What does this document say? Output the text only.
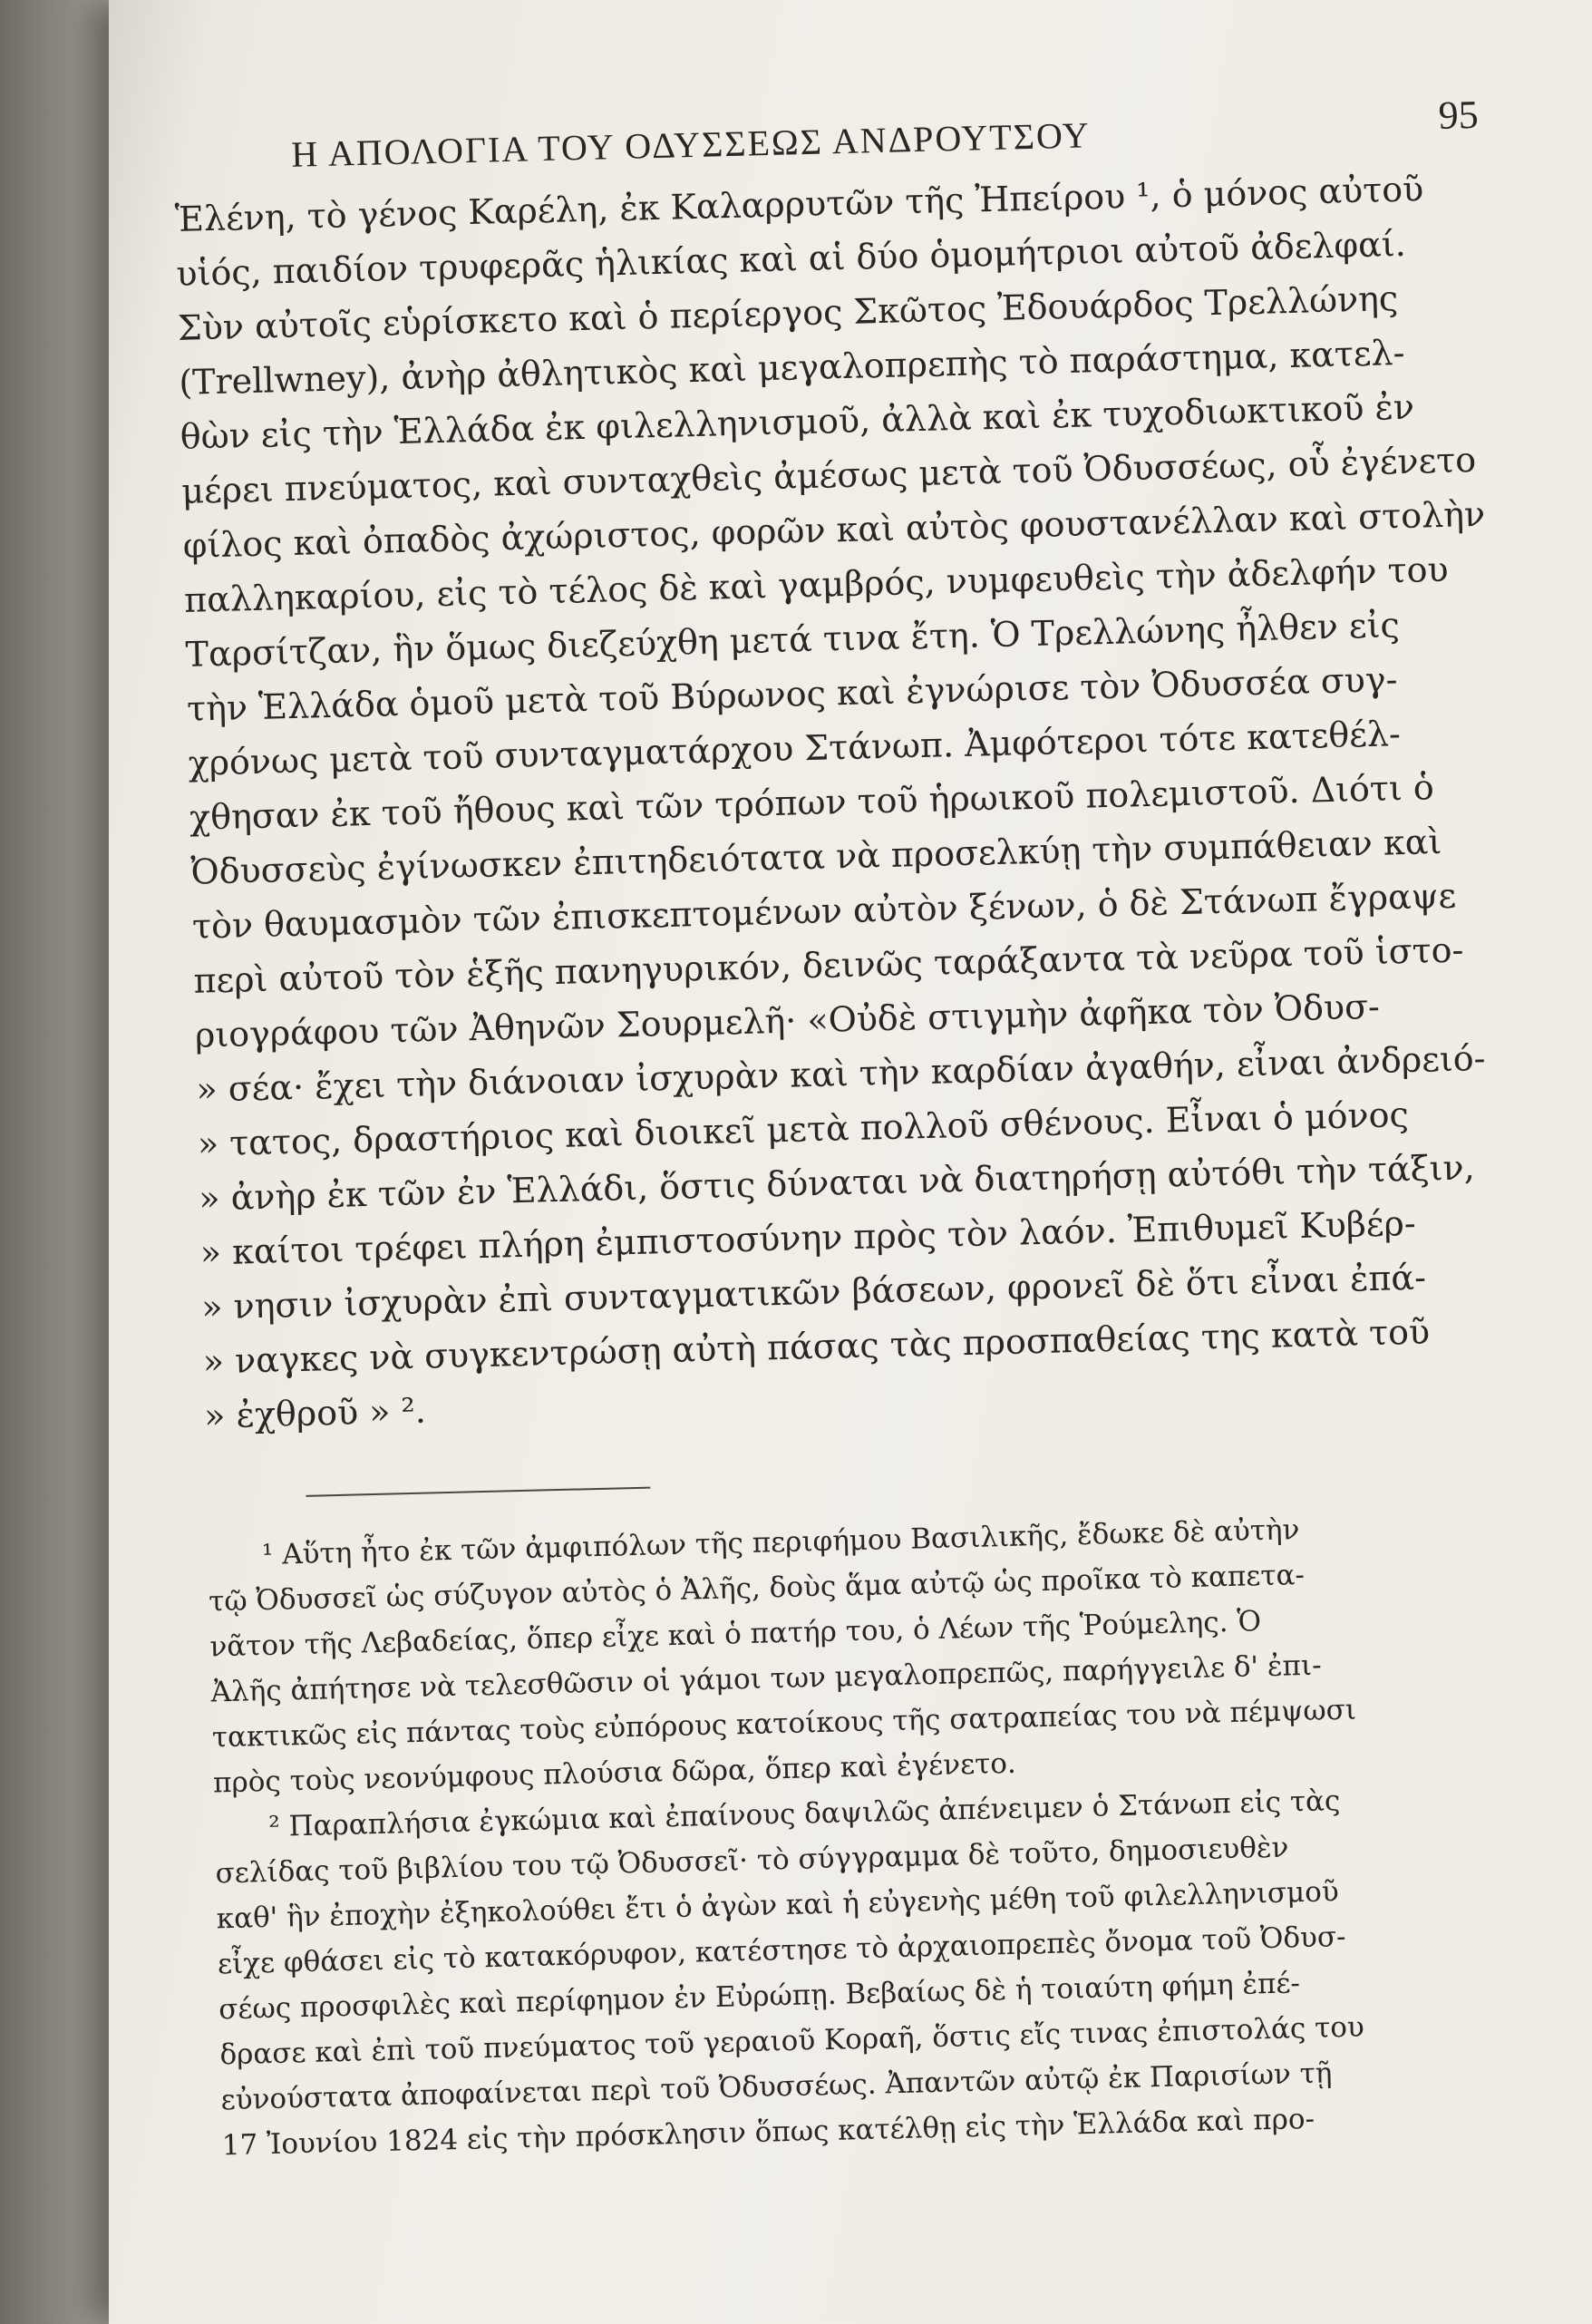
Η ΑΠΟΛΟΓΙΑ ΤΟΥ ΟΔΥΣΣΕΩΣ ΑΝΔΡΟΥΤΣΟΥ	95
Ἑλένη, τὸ γένος Καρέλη, ἐκ Καλαρρυτῶν τῆς Ἠπείρου ¹, ὁ μόνος αὐτοῦ
υἱός, παιδίον τρυφερᾶς ἡλικίας καὶ αἱ δύο ὁμομήτριοι αὐτοῦ ἀδελφαί.
Σὺν αὐτοῖς εὑρίσκετο καὶ ὁ περίεργος Σκῶτος Ἐδουάρδος Τρελλώνης
(Trellwney), ἀνὴρ ἀθλητικὸς καὶ μεγαλοπρεπὴς τὸ παράστημα, κατελ-
θὼν εἰς τὴν Ἑλλάδα ἐκ φιλελληνισμοῦ, ἀλλὰ καὶ ἐκ τυχοδιωκτικοῦ ἐν
μέρει πνεύματος, καὶ συνταχθεὶς ἀμέσως μετὰ τοῦ Ὀδυσσέως, οὗ ἐγένετο
φίλος καὶ ὀπαδὸς ἀχώριστος, φορῶν καὶ αὐτὸς φουστανέλλαν καὶ στολὴν
παλληκαρίου, εἰς τὸ τέλος δὲ καὶ γαμβρός, νυμφευθεὶς τὴν ἀδελφήν του
Ταρσίτζαν, ἣν ὅμως διεζεύχθη μετά τινα ἔτη. Ὁ Τρελλώνης ἦλθεν εἰς
τὴν Ἑλλάδα ὁμοῦ μετὰ τοῦ Βύρωνος καὶ ἐγνώρισε τὸν Ὀδυσσέα συγ-
χρόνως μετὰ τοῦ συνταγματάρχου Στάνωπ. Ἀμφότεροι τότε κατεθέλ-
χθησαν ἐκ τοῦ ἤθους καὶ τῶν τρόπων τοῦ ἡρωικοῦ πολεμιστοῦ. Διότι ὁ
Ὀδυσσεὺς ἐγίνωσκεν ἐπιτηδειότατα νὰ προσελκύῃ τὴν συμπάθειαν καὶ
τὸν θαυμασμὸν τῶν ἐπισκεπτομένων αὐτὸν ξένων, ὁ δὲ Στάνωπ ἔγραψε
περὶ αὐτοῦ τὸν ἑξῆς πανηγυρικόν, δεινῶς ταράξαντα τὰ νεῦρα τοῦ ἱστο-
ριογράφου τῶν Ἀθηνῶν Σουρμελῆ· «Οὐδὲ στιγμὴν ἀφῆκα τὸν Ὀδυσ-
» σέα· ἔχει τὴν διάνοιαν ἰσχυρὰν καὶ τὴν καρδίαν ἀγαθήν, εἶναι ἀνδρειό-
» τατος, δραστήριος καὶ διοικεῖ μετὰ πολλοῦ σθένους. Εἶναι ὁ μόνος
» ἀνὴρ ἐκ τῶν ἐν Ἑλλάδι, ὅστις δύναται νὰ διατηρήσῃ αὐτόθι τὴν τάξιν,
» καίτοι τρέφει πλήρη ἐμπιστοσύνην πρὸς τὸν λαόν. Ἐπιθυμεῖ Κυβέρ-
» νησιν ἰσχυρὰν ἐπὶ συνταγματικῶν βάσεων, φρονεῖ δὲ ὅτι εἶναι ἐπά-
» ναγκες νὰ συγκεντρώσῃ αὐτὴ πάσας τὰς προσπαθείας της κατὰ τοῦ
» ἐχθροῦ » ².
¹ Αὕτη ἦτο ἐκ τῶν ἀμφιπόλων τῆς περιφήμου Βασιλικῆς, ἔδωκε δὲ αὐτὴν
τῷ Ὀδυσσεῖ ὡς σύζυγον αὐτὸς ὁ Ἀλῆς, δοὺς ἅμα αὐτῷ ὡς προῖκα τὸ καπετα-
νᾶτον τῆς Λεβαδείας, ὅπερ εἶχε καὶ ὁ πατήρ του, ὁ Λέων τῆς Ῥούμελης. Ὁ
Ἀλῆς ἀπήτησε νὰ τελεσθῶσιν οἱ γάμοι των μεγαλοπρεπῶς, παρήγγειλε δ' ἐπι-
τακτικῶς εἰς πάντας τοὺς εὐπόρους κατοίκους τῆς σατραπείας του νὰ πέμψωσι
πρὸς τοὺς νεονύμφους πλούσια δῶρα, ὅπερ καὶ ἐγένετο.
² Παραπλήσια ἐγκώμια καὶ ἐπαίνους δαψιλῶς ἀπένειμεν ὁ Στάνωπ εἰς τὰς
σελίδας τοῦ βιβλίου του τῷ Ὀδυσσεῖ· τὸ σύγγραμμα δὲ τοῦτο, δημοσιευθὲν
καθ' ἣν ἐποχὴν ἐξηκολούθει ἔτι ὁ ἀγὼν καὶ ἡ εὐγενὴς μέθη τοῦ φιλελληνισμοῦ
εἶχε φθάσει εἰς τὸ κατακόρυφον, κατέστησε τὸ ἀρχαιοπρεπὲς ὄνομα τοῦ Ὀδυσ-
σέως προσφιλὲς καὶ περίφημον ἐν Εὐρώπῃ. Βεβαίως δὲ ἡ τοιαύτη φήμη ἐπέ-
δρασε καὶ ἐπὶ τοῦ πνεύματος τοῦ γεραιοῦ Κοραῆ, ὅστις εἴς τινας ἐπιστολάς του
εὐνούστατα ἀποφαίνεται περὶ τοῦ Ὀδυσσέως. Ἀπαντῶν αὐτῷ ἐκ Παρισίων τῇ
17 Ἰουνίου 1824 εἰς τὴν πρόσκλησιν ὅπως κατέλθῃ εἰς τὴν Ἑλλάδα καὶ προ-
